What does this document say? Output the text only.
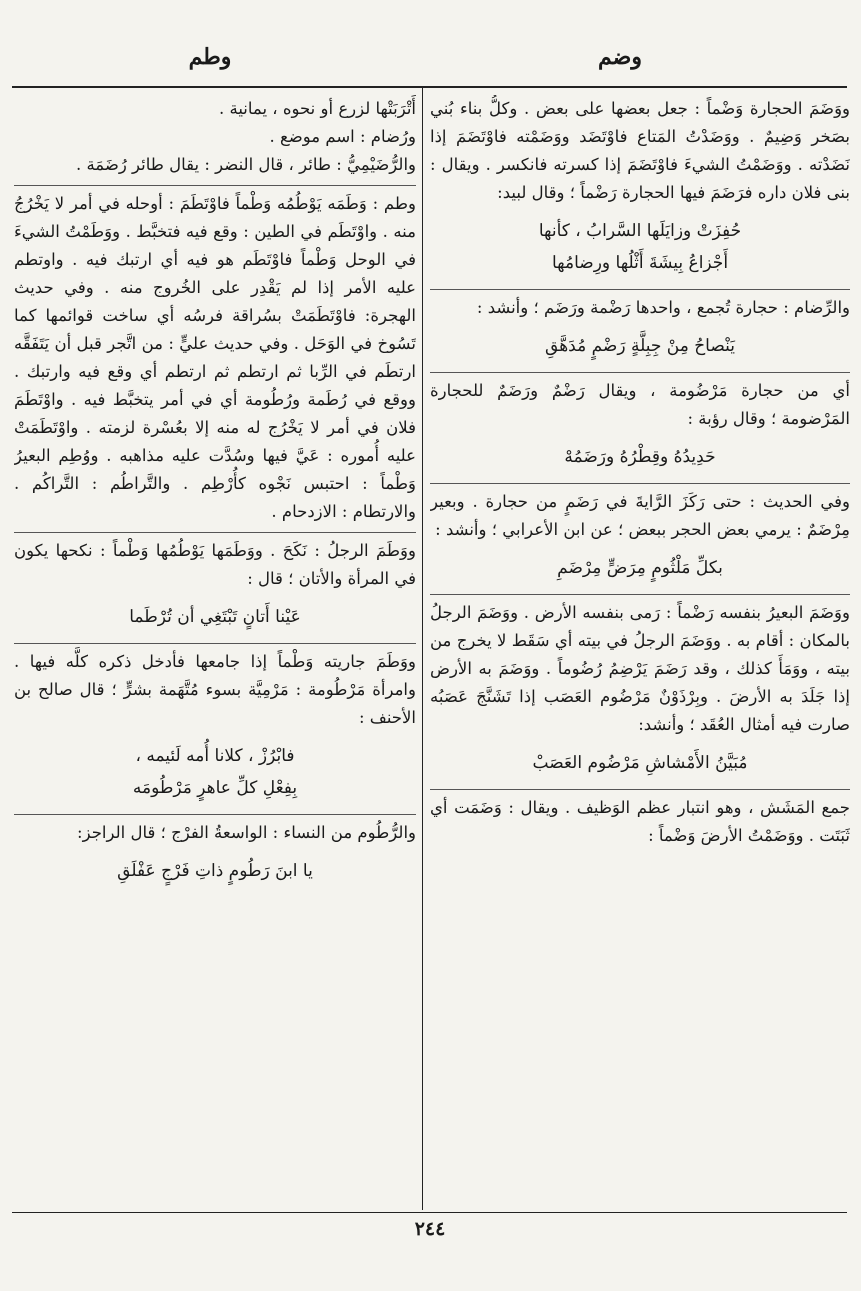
وضم
وطم

ووَضَمَ الحجارة وَضْماً : جعل بعضها على بعض . وكلُّ بناء بُني بصَخر وَضِيمٌ . ووَضَدْتُ المَتاع فاوْتَضَد ووَضَمْته فاوْتَضَمَ إذا نَضَدْته . ووَضَمْتُ الشيءَ فاوْتَضَمَ إذا كسرته فانكسر . ويقال : بنى فلان داره فرَضَمَ فيها الحجارة رَضْماً ؛ وقال لبيد:

حُفِزَتْ وزايَلَها السَّرابُ ، كأنها
أَجْزاعُ بِيشَةَ أَثْلُها ورِضامُها

والرِّضام : حجارة تُجمع ، واحدها رَضْمة ورَضَم ؛ وأنشد :

يَنْصاحُ مِنْ جِبِلَّةٍ رَضْمٍ مُدَهَّقِ

أي من حجارة مَرْضُومة ، ويقال رَضْمٌ ورَضَمٌ للحجارة المَرْضومة ؛ وقال رؤبة :

حَدِيدُهُ وقِطْرُهُ ورَضَمُهْ

وفي الحديث : حتى رَكَزَ الرَّايةَ في رَضَمٍ من حجارة . وبعير مِرْضَمٌ : يرمي بعض الحجر ببعض ؛ عن ابن الأعرابي ؛ وأنشد :

بكلِّ مَلْثُومٍ مِرَضٍّ مِرْضَمِ

ووَضَمَ البعيرُ بنفسه رَضْماً : رَمى بنفسه الأرض . ووَضَمَ الرجلُ بالمكان : أقام به . ووَضَمَ الرجلُ في بيته أي سَقَط لا يخرج من بيته ، ووَمَأَ كذلك ، وقد رَضَمَ يَرْضِمُ رُضُوماً . ووَضَمَ به الأرض إذا جَلَدَ به الأرضَ . وبِرْذَوْنٌ مَرْضُوم العَصَب إذا تَشَنَّجَ عَصَبُه صارت فيه أمثال العُقَد ؛ وأنشد:

مُبَيَّنُ الأَمْشاشِ مَرْضُوم العَصَبْ

جمع المَشَش ، وهو انتبار عظم الوَظيف . ويقال : وَضَمَت أي ثَبَتَت . ووَضَمْتُ الأرضَ وَضْماً :

أَتْرَبَتْها لزرع أو نحوه ، يمانية .

ورُضام : اسم موضع .

والرُّضَيْمِيُّ : طائر ، قال النضر : يقال طائر رُضَمَة .

وطم : وَطَمَه يَوْطُمُه وَطْماً فاوْتَطَمَ : أوحله في أمر لا يَخْرُجُ منه . واوْتَطَم في الطين : وقع فيه فتخبَّط . ووَطَمْتُ الشيءَ في الوحل وَطْماً فاوْتَطَم هو فيه أي ارتبك فيه . واوتطم عليه الأمر إذا لم يَقْدِر على الخُروج منه . وفي حديث الهجرة: فاوْتَطَمَتْ بسُراقة فرسُه أي ساخت قوائمها كما تَسُوخ في الوَحَل . وفي حديث عليٍّ : من اتَّجر قبل أن يَتَفَقَّه ارتطَم في الرِّبا ثم ارتطم ثم ارتطم أي وقع فيه وارتبك . ووقع في رُطَمة ورُطُومة أي في أمر يتخبَّط فيه . واوْتَطَمَ فلان في أمر لا يَخْرُج له منه إلا بعُسْرة لزمته . واوْتَطَمَتْ عليه أُموره : عَيَّ فيها وسُدَّت عليه مذاهبه . ووُطِم البعيرُ وَطْماً : احتبس نَجْوه كأُرْطِم . والتَّراطُم : التَّراكُم . والارتطام : الازدحام .

ووَطَمَ الرجلُ : نَكَحَ . ووَطَمَها يَوْطُمُها وَطْماً : نكحها يكون في المرأة والأتان ؛ قال :

عَيْنا أَتانٍ تَبْتَغِي أن تُرْطَما

ووَطَمَ جاريته وَطْماً إذا جامعها فأدخل ذكره كلَّه فيها . وامرأة مَرْطُومة : مَرْمِيَّة بسوء مُتَّهَمة بشرٍّ ؛ قال صالح بن الأحنف :

فابْرُزْ ، كلانا أُمه لَئيمه ،
بِفِعْلِ كلِّ عاهرٍ مَرْطُومَه

والرُّطُوم من النساء : الواسعةُ الفرْج ؛ قال الراجز:

يا ابنَ رَطُومٍ ذاتِ فَرْجٍ عَفْلَقِ
٢٤٤
